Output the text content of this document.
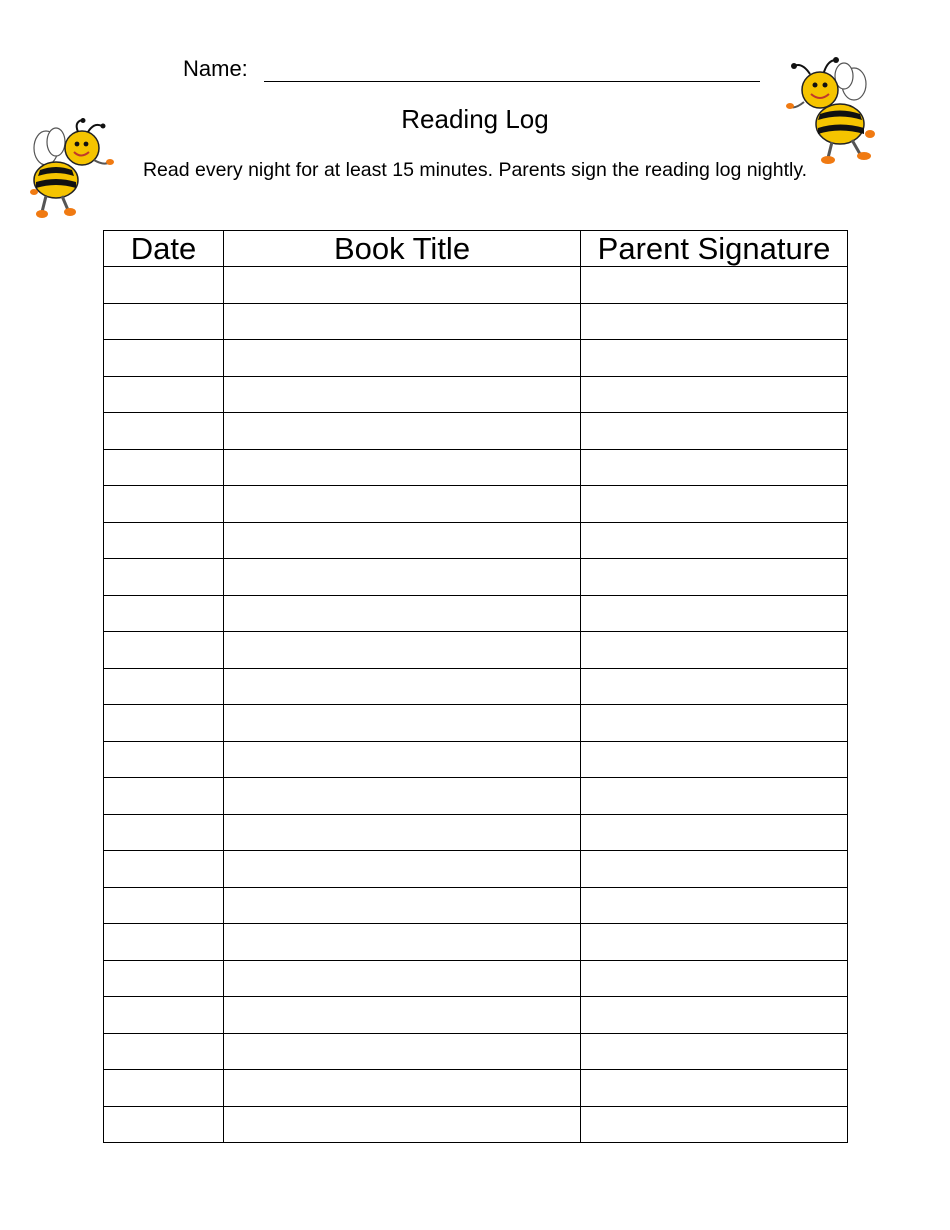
Name:
Reading Log
Read every night for at least 15 minutes. Parents sign the reading log nightly.
Date	Book Title	Parent Signature
